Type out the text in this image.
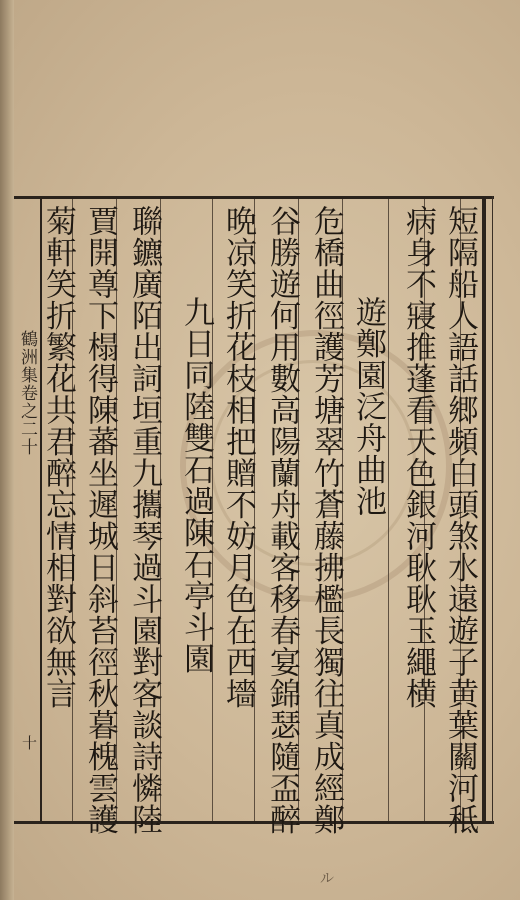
鶴洲集卷之二十
十	短隔船人語話郷頻白頭煞水遠遊子黄葉關河秪
病身不寢推蓬看天色銀河耿耿玉繩横
遊鄭園泛舟曲池
危橋曲徑護芳塘翠竹蒼藤拂檻長獨往真成經鄭
谷勝遊何用數高陽蘭舟載客移春宴錦瑟隨盃醉
晩凉笑折花枝相把贈不妨月色在西墻
九日同陸雙石過陳石亭斗園
聯鑣廣陌出詞垣重九攜琴過斗園對客談詩憐陸
賈開尊下榻得陳蕃坐遲城日斜苔徑秋暮槐雲護
菊軒笑折繁花共君醉忘情相對欲無言
ル
